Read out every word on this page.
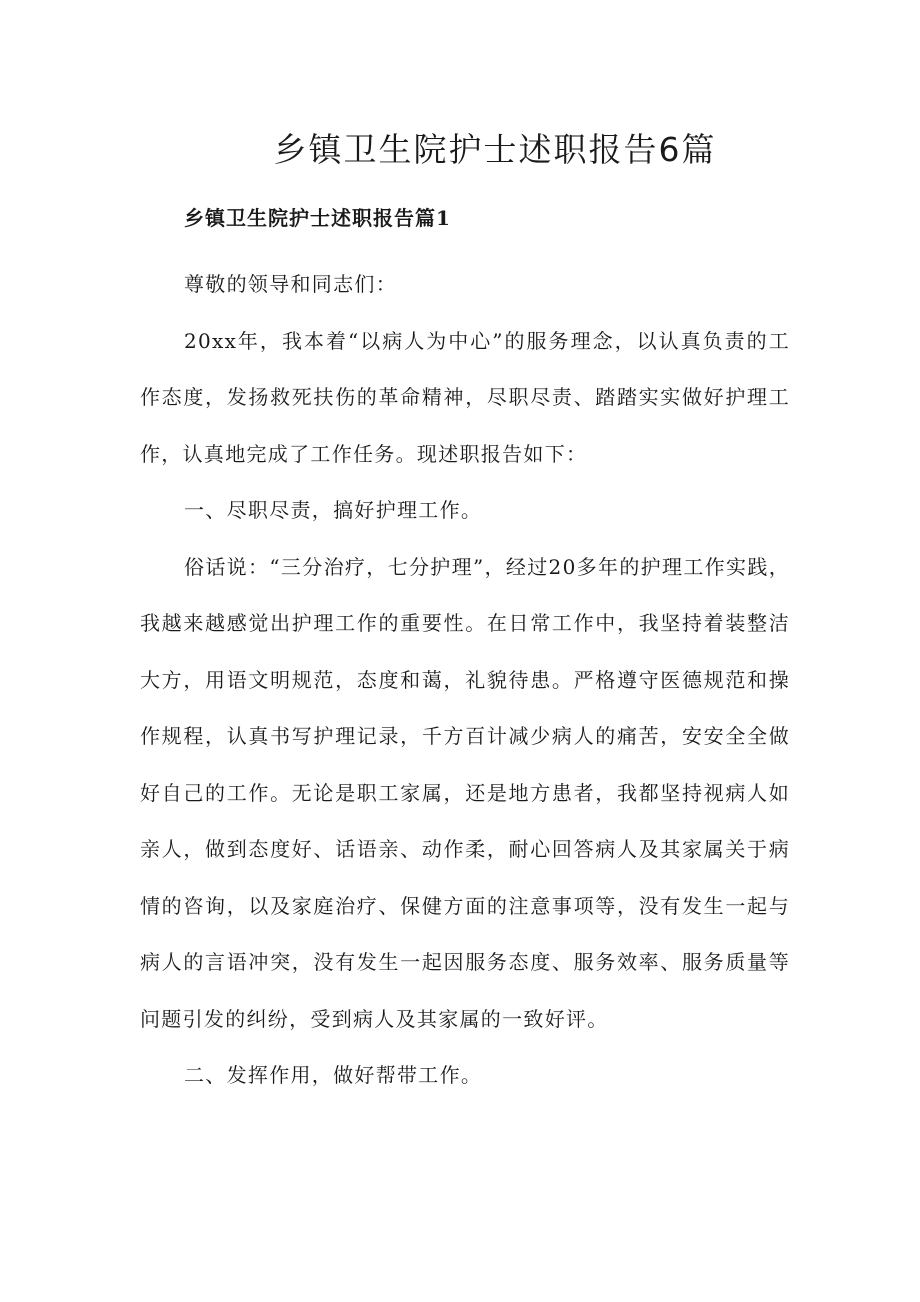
乡镇卫生院护士述职报告6篇
乡镇卫生院护士述职报告篇1

尊敬的领导和同志们：

20xx年，我本着“以病人为中心”的服务理念，以认真负责的工作态度，发扬救死扶伤的革命精神，尽职尽责、踏踏实实做好护理工作，认真地完成了工作任务。现述职报告如下：

一、尽职尽责，搞好护理工作。

俗话说：“三分治疗，七分护理”，经过20多年的护理工作实践，我越来越感觉出护理工作的重要性。在日常工作中，我坚持着装整洁大方，用语文明规范，态度和蔼，礼貌待患。严格遵守医德规范和操作规程，认真书写护理记录，千方百计减少病人的痛苦，安安全全做好自己的工作。无论是职工家属，还是地方患者，我都坚持视病人如亲人，做到态度好、话语亲、动作柔，耐心回答病人及其家属关于病情的咨询，以及家庭治疗、保健方面的注意事项等，没有发生一起与病人的言语冲突，没有发生一起因服务态度、服务效率、服务质量等问题引发的纠纷，受到病人及其家属的一致好评。

二、发挥作用，做好帮带工作。
